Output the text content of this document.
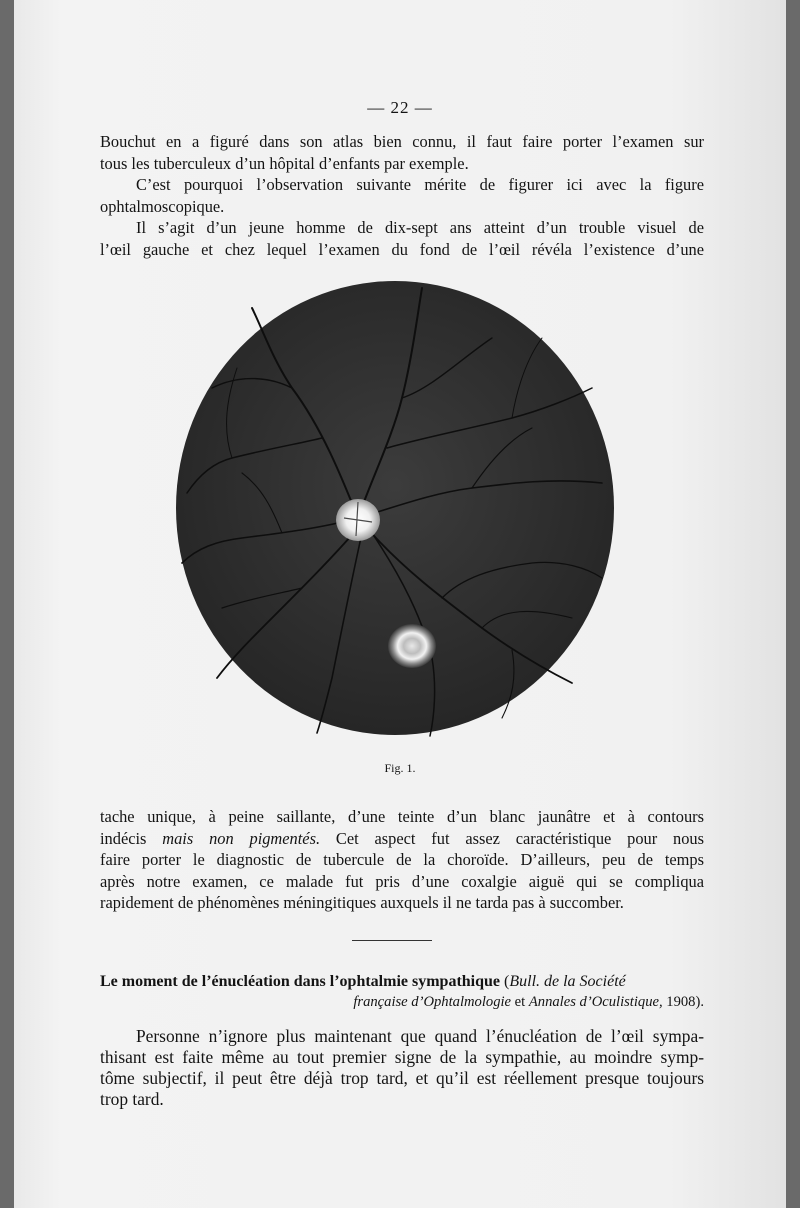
— 22 —
Bouchut en a figuré dans son atlas bien connu, il faut faire porter l’examen sur
tous les tuberculeux d’un hôpital d’enfants par exemple.
C’est pourquoi l’observation suivante mérite de figurer ici avec la figure
ophtalmoscopique.
Il s’agit d’un jeune homme de dix-sept ans atteint d’un trouble visuel de
l’œil gauche et chez lequel l’examen du fond de l’œil révéla l’existence d’une
Fig. 1.
tache unique, à peine saillante, d’une teinte d’un blanc jaunâtre et à contours
indécis mais non pigmentés. Cet aspect fut assez caractéristique pour nous
faire porter le diagnostic de tubercule de la choroïde. D’ailleurs, peu de temps
après notre examen, ce malade fut pris d’une coxalgie aiguë qui se compliqua
rapidement de phénomènes méningitiques auxquels il ne tarda pas à succomber.
Le moment de l’énucléation dans l’ophtalmie sympathique (Bull. de la Société
française d’Ophtalmologie et Annales d’Oculistique, 1908).
Personne n’ignore plus maintenant que quand l’énucléation de l’œil sympa-
thisant est faite même au tout premier signe de la sympathie, au moindre symp-
tôme subjectif, il peut être déjà trop tard, et qu’il est réellement presque toujours
trop tard.
